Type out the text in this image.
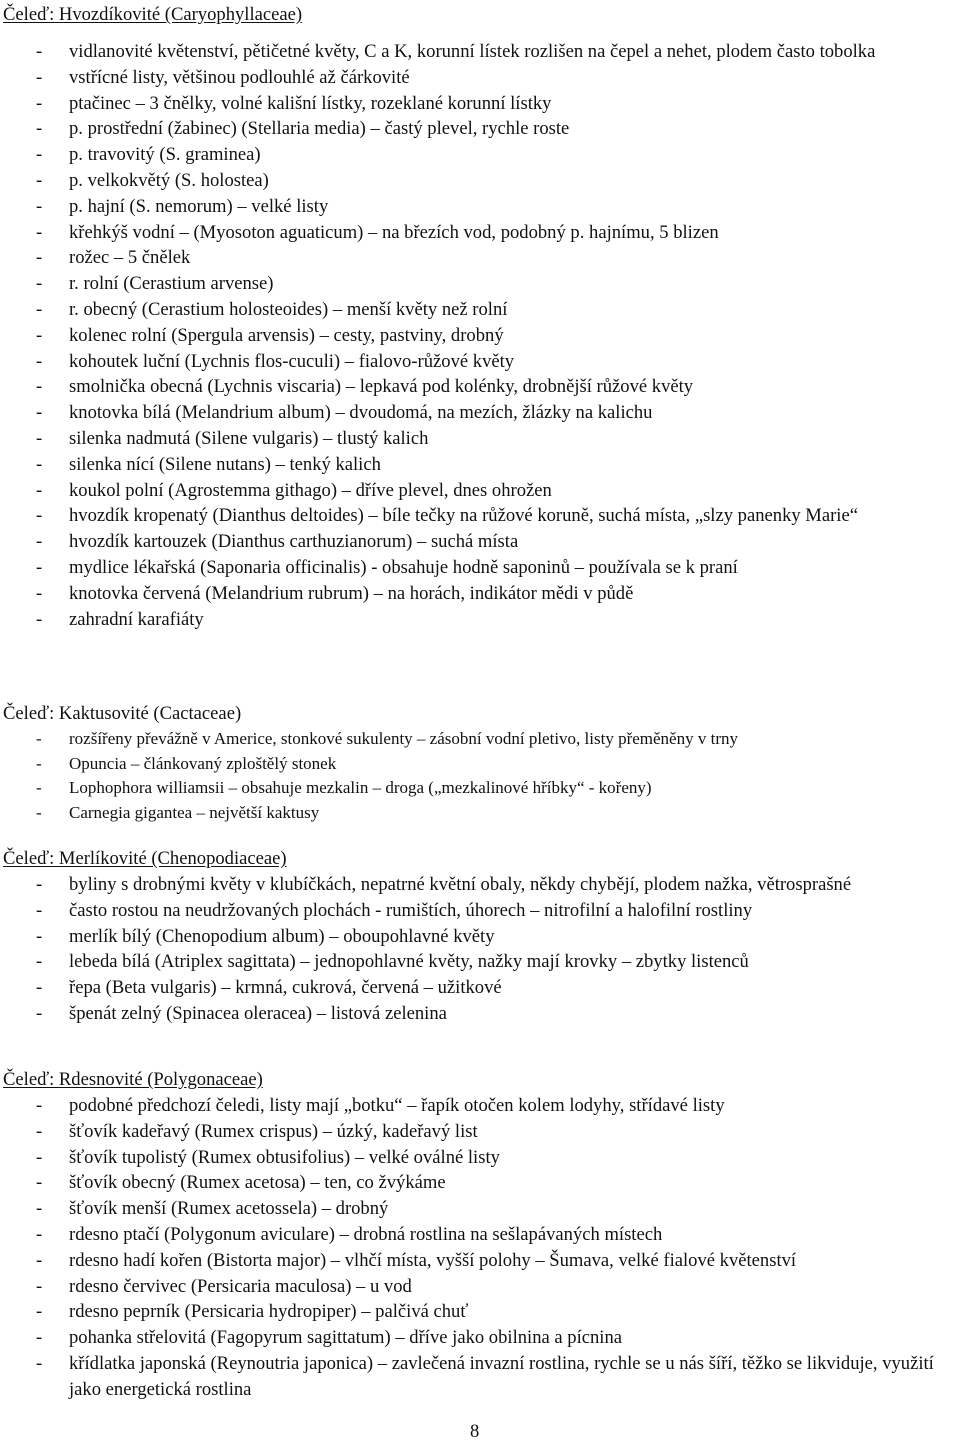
Čeleď: Hvozdíkovité (Caryophyllaceae)
- vidlanovité květenství, pětičetné květy, C a K, korunní lístek rozlišen na čepel a nehet, plodem často tobolka
- vstřícné listy, většinou podlouhlé až čárkovité
- ptačinec – 3 čnělky, volné kališní lístky, rozeklané korunní lístky
- p. prostřední (žabinec) (Stellaria media) – častý plevel, rychle roste
- p. travovitý (S. graminea)
- p. velkokvětý (S. holostea)
- p. hajní (S. nemorum) – velké listy
- křehkýš vodní – (Myosoton aguaticum) – na březích vod, podobný p. hajnímu, 5 blizen
- rožec – 5 čnělek
- r. rolní (Cerastium arvense)
- r. obecný (Cerastium holosteoides) – menší květy než rolní
- kolenec rolní (Spergula arvensis) – cesty, pastviny, drobný
- kohoutek luční (Lychnis flos-cuculi) – fialovo-růžové květy
- smolnička obecná (Lychnis viscaria) – lepkavá pod kolénky, drobnější růžové květy
- knotovka bílá (Melandrium album) – dvoudomá, na mezích, žlázky na kalichu
- silenka nadmutá (Silene vulgaris) – tlustý kalich
- silenka nící (Silene nutans) – tenký kalich
- koukol polní (Agrostemma githago) – dříve plevel, dnes ohrožen
- hvozdík kropenatý (Dianthus deltoides) – bíle tečky na růžové koruně, suchá místa, „slzy panenky Marie“
- hvozdík kartouzek (Dianthus carthuzianorum) – suchá místa
- mydlice lékařská (Saponaria officinalis) - obsahuje hodně saponinů – používala se k praní
- knotovka červená (Melandrium rubrum) – na horách, indikátor mědi v půdě
- zahradní karafiáty
Čeleď: Kaktusovité (Cactaceae)
- rozšířeny převážně v Americe, stonkové sukulenty – zásobní vodní pletivo, listy přeměněny v trny
- Opuncia – článkovaný zploštělý stonek
- Lophophora williamsii – obsahuje mezkalin – droga („mezkalinové hříbky“ - kořeny)
- Carnegia gigantea – největší kaktusy
Čeleď: Merlíkovité (Chenopodiaceae)
- byliny s drobnými květy v klubíčkách, nepatrné květní obaly, někdy chybějí, plodem nažka, větrosprašné
- často rostou na neudržovaných plochách - rumištích, úhorech – nitrofilní a halofilní rostliny
- merlík bílý (Chenopodium album) – oboupohlavné květy
- lebeda bílá (Atriplex sagittata) – jednopohlavné květy, nažky mají krovky – zbytky listenců
- řepa (Beta vulgaris) – krmná, cukrová, červená – užitkové
- špenát zelný (Spinacea oleracea) – listová zelenina
Čeleď: Rdesnovité (Polygonaceae)
- podobné předchozí čeledi, listy mají „botku“ – řapík otočen kolem lodyhy, střídavé listy
- šťovík kadeřavý (Rumex crispus) – úzký, kadeřavý list
- šťovík tupolistý (Rumex obtusifolius) – velké oválné listy
- šťovík obecný (Rumex acetosa) – ten, co žvýkáme
- šťovík menší (Rumex acetossela) – drobný
- rdesno ptačí (Polygonum aviculare) – drobná rostlina na sešlapávaných místech
- rdesno hadí kořen (Bistorta major) – vlhčí místa, vyšší polohy – Šumava, velké fialové květenství
- rdesno červivec (Persicaria maculosa) – u vod
- rdesno peprník (Persicaria hydropiper) – palčivá chuť
- pohanka střelovitá (Fagopyrum sagittatum) – dříve jako obilnina a pícnina
- křídlatka japonská (Reynoutria japonica) – zavlečená invazní rostlina, rychle se u nás šíří, těžko se likviduje, využití jako energetická rostlina
8
